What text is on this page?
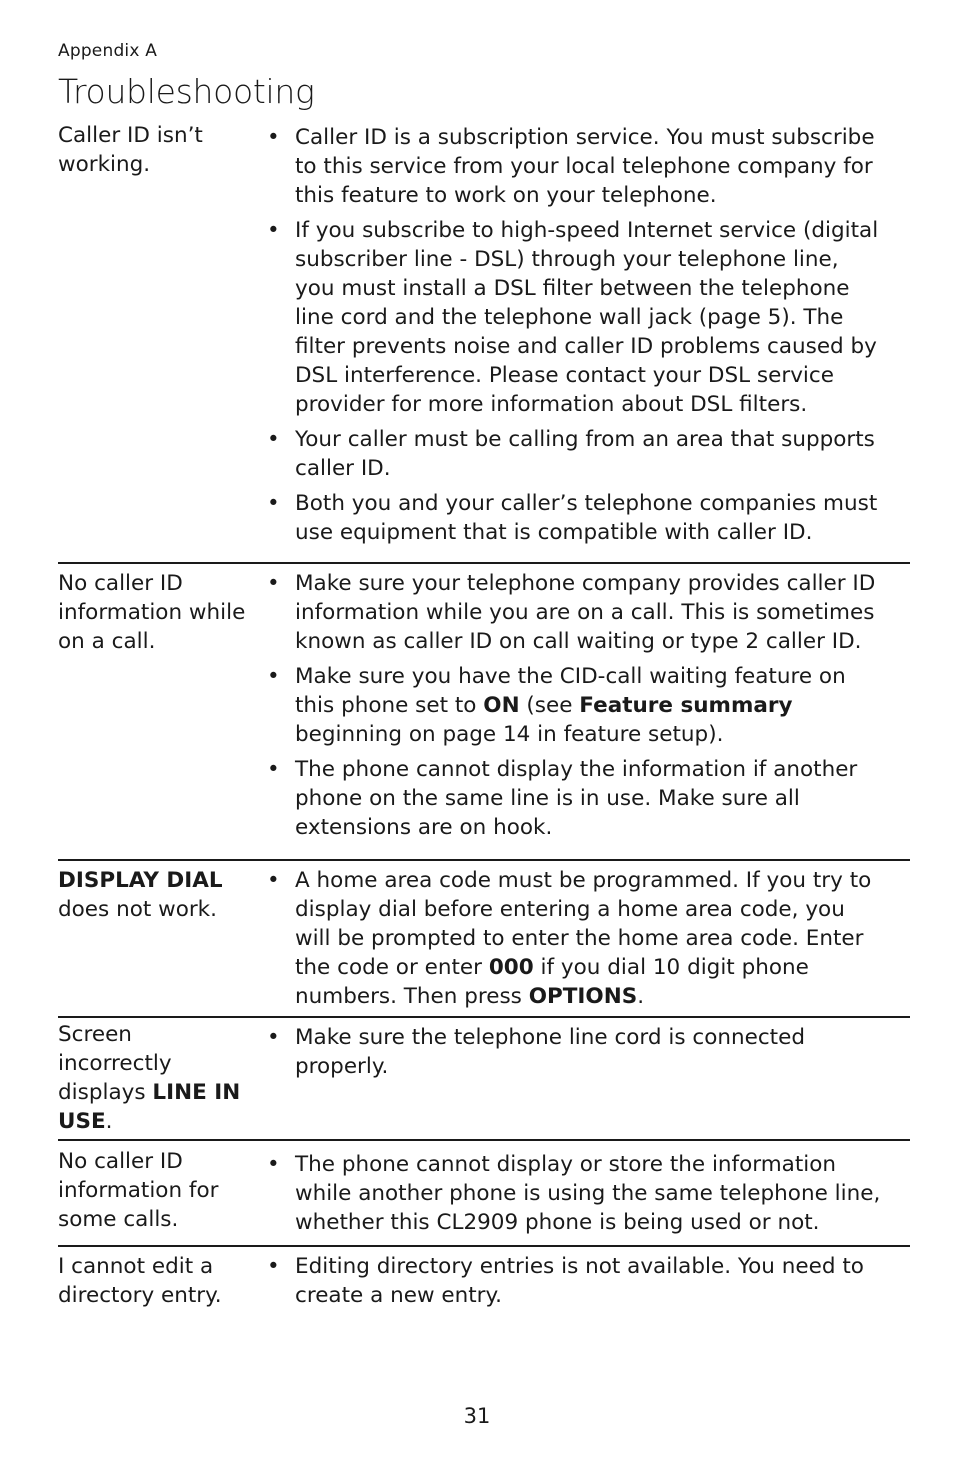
Appendix A
Troubleshooting
Caller ID isn’t working.
• Caller ID is a subscription service. You must subscribe to this service from your local telephone company for this feature to work on your telephone.
• If you subscribe to high-speed Internet service (digital subscriber line - DSL) through your telephone line, you must install a DSL filter between the telephone line cord and the telephone wall jack (page 5). The filter prevents noise and caller ID problems caused by DSL interference. Please contact your DSL service provider for more information about DSL filters.
• Your caller must be calling from an area that supports caller ID.
• Both you and your caller’s telephone companies must use equipment that is compatible with caller ID.
No caller ID information while on a call.
• Make sure your telephone company provides caller ID information while you are on a call. This is sometimes known as caller ID on call waiting or type 2 caller ID.
• Make sure you have the CID-call waiting feature on this phone set to ON (see Feature summary beginning on page 14 in feature setup).
• The phone cannot display the information if another phone on the same line is in use. Make sure all extensions are on hook.
DISPLAY DIAL does not work.
• A home area code must be programmed. If you try to display dial before entering a home area code, you will be prompted to enter the home area code. Enter the code or enter 000 if you dial 10 digit phone numbers. Then press OPTIONS.
Screen incorrectly displays LINE IN USE.
• Make sure the telephone line cord is connected properly.
No caller ID information for some calls.
• The phone cannot display or store the information while another phone is using the same telephone line, whether this CL2909 phone is being used or not.
I cannot edit a directory entry.
• Editing directory entries is not available. You need to create a new entry.
31
